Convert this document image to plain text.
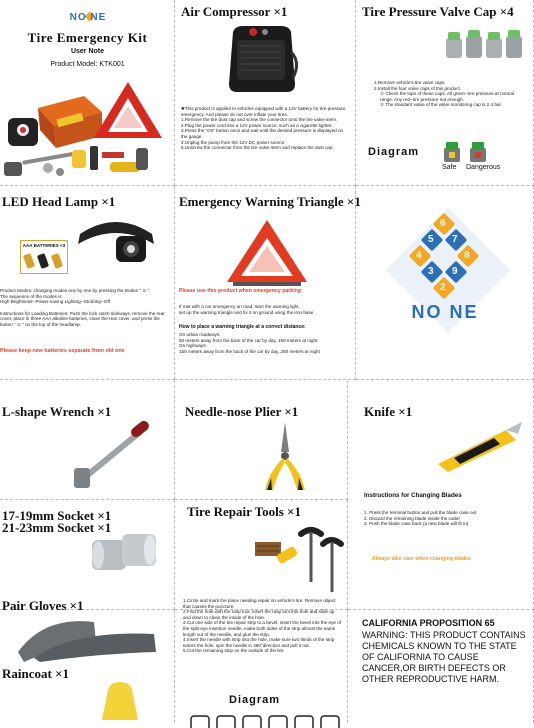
NO NE
Tire Emergency Kit
User Note
Product Model: KTK001
Air Compressor ×1

✱This product is applied to vehicles equipped with a 12V battery for tire pressure emergency. And please do not over inflate your tires.

1.Remove the tire dust cap and screw the connector onto the tire valve stem.

2.Plug the power cord into a 12V power source, such as a cigarette lighter.

3.Press the "On" button once and wait until the desired pressure is displayed on the gauge.

4.Unplug the pump from the 12V DC power source.

5.Unscrew the connector from the tire valve stem and replace the dust cap.

Tire Pressure Valve Cap ×4

1.Remove vehicle's tire valve caps.

2.Install the four valve caps of this product.

① Check the tops of these caps. All green--tire pressure at normal range. Any red--tire pressure not enough.

② The standard value of the valve monitoring cap is 2.4 bar.

Diagram
Safe Dangerous
LED Head Lamp ×1
AAA BATTERIES ×3

Product Modes: changing modes one by one by pressing the Button " ⊙ ".

The sequence of the modes is

High Brightness--Power-saving Lighting--Strobing--Off

Instructions for Loading Batteries: Push the lock catch sideways, remove the rear cover, place in three AAA alkaline batteries, close the rear cover, and press the button " ⊙ " on the top of the headlamp.

Please keep new batteries separate from old one
Emergency Warning Triangle ×1
Please use this product when emergency parking

If met with a car emergency on road, start the warning light,

set up the warning triangle and fix it on ground using the iron base.

How to place a warning triangle at a correct distance:

On urban roadways:

50 meters away from the back of the car by day, 150 meters at night

On highways:

150 meters away from the back of the car by day, 250 meters at night

6
5 7
4	8
3 9
2
NO NE
L-shape Wrench ×1	Needle-nose Plier ×1	Knife ×1
Instructions for Changing Blades

1. Press the terminal button and pull the blade case out

2. Discard the remaining blade inside the cutter

3. Push the blade case back (a new blade will fit in)

Always take care when changing blades
17-19mm Socket ×1
21-23mm Socket ×1
Tire Repair Tools ×1
Pair Gloves ×1
Raincoat ×1

1.Circle and mark the place needing repair on vehicle's tire. Remove object that causes the puncture.

2.Find the hole with the rasp tool, insert the rasp tool into hole and slide up and down to clean the inside of the hole.

3.Cut one side of the tire repair strip to a bevel, insert the bevel into the eye of the split-eye insertion needle, make both sides of the strip almost the same length out of the needle, and glue the strip.

4.Insert the needle with strip into the hole, make sure two thirds of the strip enters the hole, spin the needle in 360°direction and pull it out.

5.Cut the remaining strip on the outside of the tire

Diagram
CALIFORNIA PROPOSITION 65
WARNING: THIS PRODUCT CONTAINS CHEMICALS KNOWN TO THE STATE OF CALIFORNIA TO CAUSE CANCER,OR BIRTH DEFECTS OR OTHER REPRODUCTIVE HARM.
